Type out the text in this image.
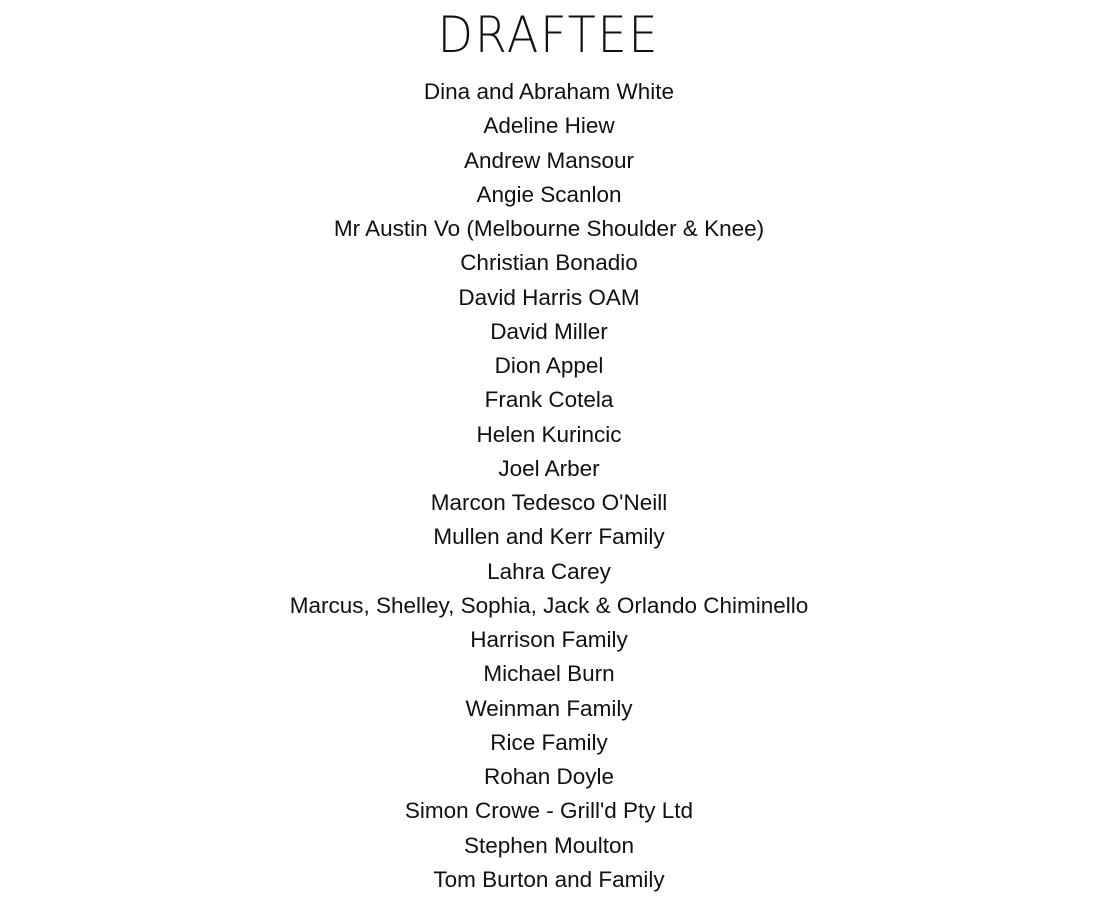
DRAFTEE
Dina and Abraham White
Adeline Hiew
Andrew Mansour
Angie Scanlon
Mr Austin Vo (Melbourne Shoulder & Knee)
Christian Bonadio
David Harris OAM
David Miller
Dion Appel
Frank Cotela
Helen Kurincic
Joel Arber
Marcon Tedesco O'Neill
Mullen and Kerr Family
Lahra Carey
Marcus, Shelley, Sophia, Jack & Orlando Chiminello
Harrison Family
Michael Burn
Weinman Family
Rice Family
Rohan Doyle
Simon Crowe - Grill'd Pty Ltd
Stephen Moulton
Tom Burton and Family
